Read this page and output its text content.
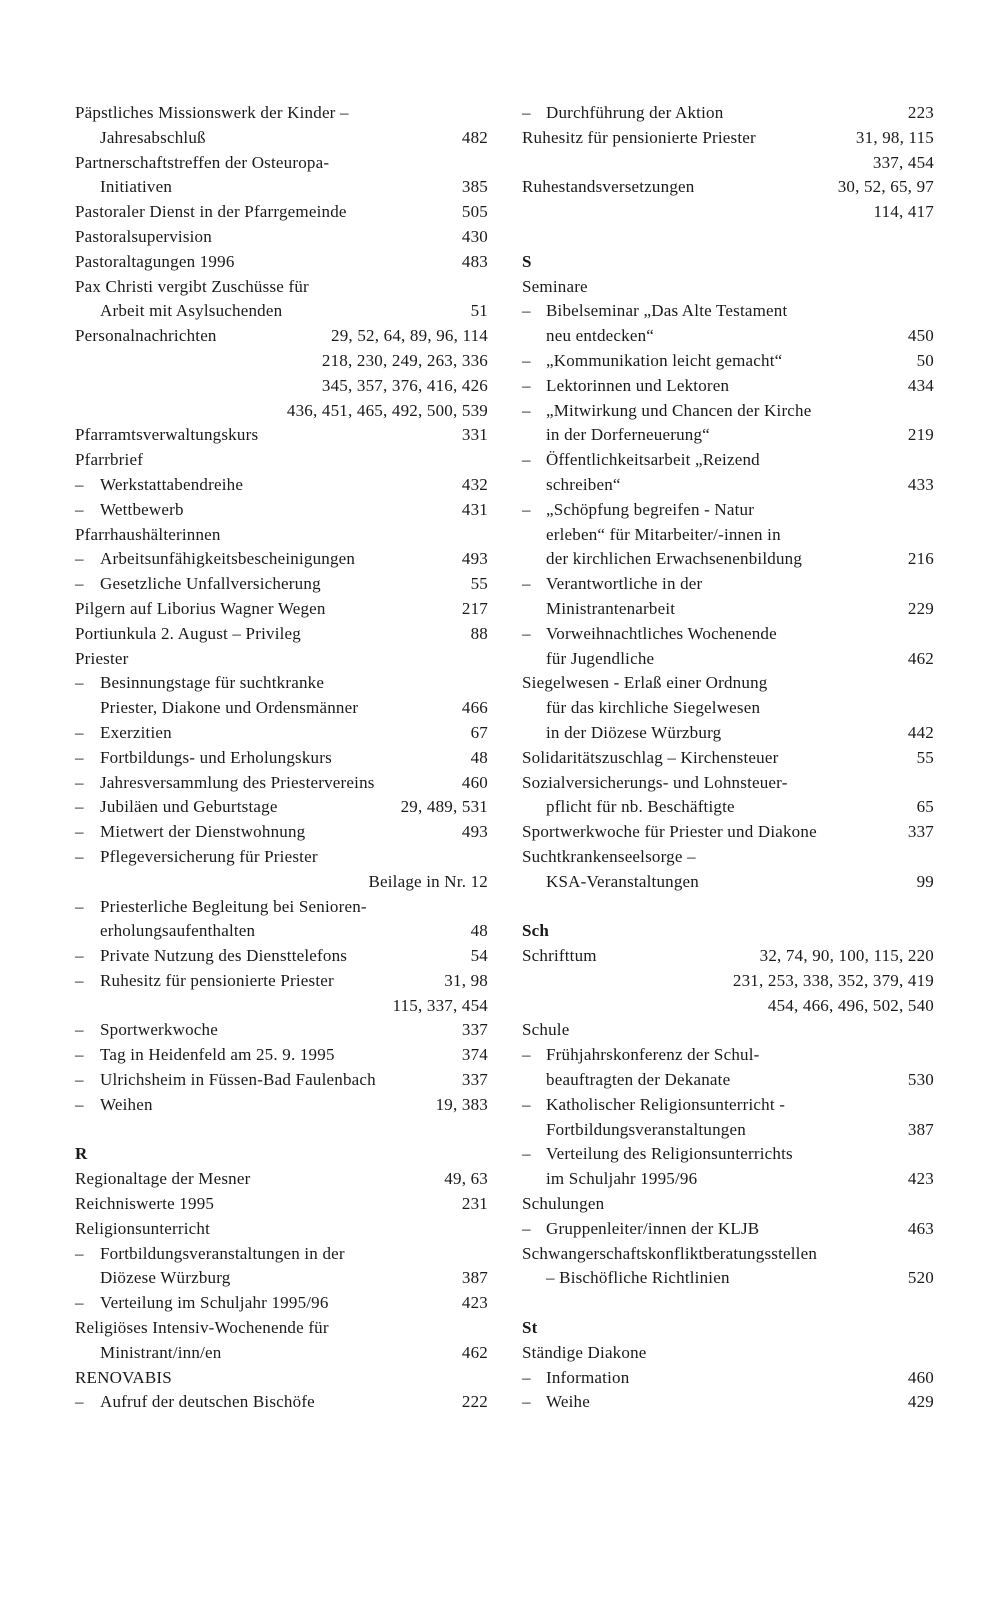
Päpstliches Missionswerk der Kinder –
Jahresabschluß	482
Partnerschaftstreffen der Osteuropa-
Initiativen	385
Pastoraler Dienst in der Pfarrgemeinde	505
Pastoralsupervision	430
Pastoraltagungen 1996	483
Pax Christi vergibt Zuschüsse für
Arbeit mit Asylsuchenden	51
Personalnachrichten	29, 52, 64, 89, 96, 114
218, 230, 249, 263, 336
345, 357, 376, 416, 426
436, 451, 465, 492, 500, 539
Pfarramtsverwaltungskurs	331
Pfarrbrief
– Werkstattabendreihe	432
– Wettbewerb	431
Pfarrhaushälterinnen
– Arbeitsunfähigkeitsbescheinigungen	493
– Gesetzliche Unfallversicherung	55
Pilgern auf Liborius Wagner Wegen	217
Portiunkula 2. August – Privileg	88
Priester
– Besinnungstage für suchtkranke
Priester, Diakone und Ordensmänner	466
– Exerzitien	67
– Fortbildungs- und Erholungskurs	48
– Jahresversammlung des Priestervereins	460
– Jubiläen und Geburtstage	29, 489, 531
– Mietwert der Dienstwohnung	493
– Pflegeversicherung für Priester
Beilage in Nr. 12
– Priesterliche Begleitung bei Senioren-
erholungsaufenthalten	48
– Private Nutzung des Diensttelefons	54
– Ruhesitz für pensionierte Priester	31, 98
115, 337, 454
– Sportwerkwoche	337
– Tag in Heidenfeld am 25. 9. 1995	374
– Ulrichsheim in Füssen-Bad Faulenbach	337
– Weihen	19, 383
R
Regionaltage der Mesner	49, 63
Reichniswerte 1995	231
Religionsunterricht
– Fortbildungsveranstaltungen in der
Diözese Würzburg	387
– Verteilung im Schuljahr 1995/96	423
Religiöses Intensiv-Wochenende für
Ministrant/inn/en	462
RENOVABIS
– Aufruf der deutschen Bischöfe	222
– Durchführung der Aktion	223
Ruhesitz für pensionierte Priester	31, 98, 115
337, 454
Ruhestandsversetzungen	30, 52, 65, 97
114, 417
S
Seminare
– Bibelseminar „Das Alte Testament
neu entdecken“	450
– „Kommunikation leicht gemacht“	50
– Lektorinnen und Lektoren	434
– „Mitwirkung und Chancen der Kirche
in der Dorferneuerung“	219
– Öffentlichkeitsarbeit „Reizend
schreiben“	433
– „Schöpfung begreifen - Natur
erleben“ für Mitarbeiter/-innen in
der kirchlichen Erwachsenenbildung	216
– Verantwortliche in der
Ministrantenarbeit	229
– Vorweihnachtliches Wochenende
für Jugendliche	462
Siegelwesen - Erlaß einer Ordnung
für das kirchliche Siegelwesen
in der Diözese Würzburg	442
Solidaritätszuschlag – Kirchensteuer	55
Sozialversicherungs- und Lohnsteuer-
pflicht für nb. Beschäftigte	65
Sportwerkwoche für Priester und Diakone	337
Suchtkrankenseelsorge –
KSA-Veranstaltungen	99
Sch
Schrifttum	32, 74, 90, 100, 115, 220
231, 253, 338, 352, 379, 419
454, 466, 496, 502, 540
Schule
– Frühjahrskonferenz der Schul-
beauftragten der Dekanate	530
– Katholischer Religionsunterricht -
Fortbildungsveranstaltungen	387
– Verteilung des Religionsunterrichts
im Schuljahr 1995/96	423
Schulungen
– Gruppenleiter/innen der KLJB	463
Schwangerschaftskonfliktberatungsstellen
– Bischöfliche Richtlinien	520
St
Ständige Diakone
– Information	460
– Weihe	429
